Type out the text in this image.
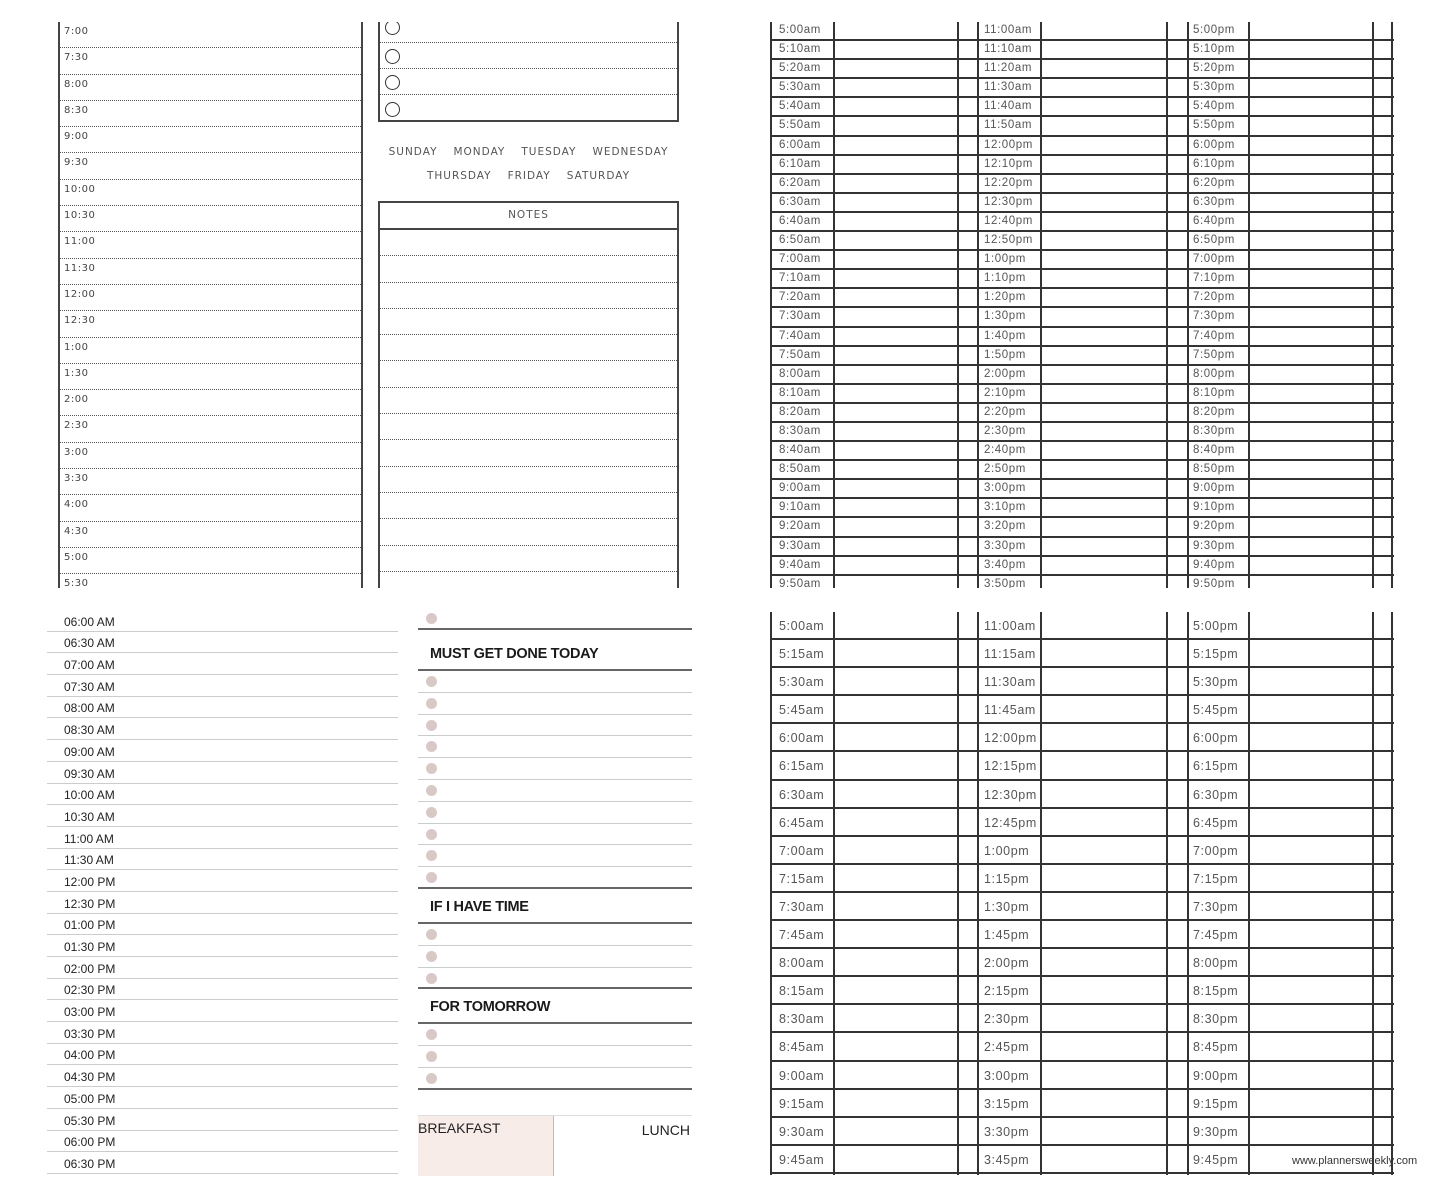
7:00
7:30
8:00
8:30
9:00
9:30
10:00
10:30
11:00
11:30
12:00
12:30
1:00
1:30
2:00
2:30
3:00
3:30
4:00
4:30
5:00
5:30
SUNDAY MONDAY TUESDAY WEDNESDAY
THURSDAY FRIDAY SATURDAY
NOTES
5:00am	11:00am	5:00pm
5:10am	11:10am	5:10pm
5:20am	11:20am	5:20pm
5:30am	11:30am	5:30pm
5:40am	11:40am	5:40pm
5:50am	11:50am	5:50pm
6:00am	12:00pm	6:00pm
6:10am	12:10pm	6:10pm
6:20am	12:20pm	6:20pm
6:30am	12:30pm	6:30pm
6:40am	12:40pm	6:40pm
6:50am	12:50pm	6:50pm
7:00am	1:00pm	7:00pm
7:10am	1:10pm	7:10pm
7:20am	1:20pm	7:20pm
7:30am	1:30pm	7:30pm
7:40am	1:40pm	7:40pm
7:50am	1:50pm	7:50pm
8:00am	2:00pm	8:00pm
8:10am	2:10pm	8:10pm
8:20am	2:20pm	8:20pm
8:30am	2:30pm	8:30pm
8:40am	2:40pm	8:40pm
8:50am	2:50pm	8:50pm
9:00am	3:00pm	9:00pm
9:10am	3:10pm	9:10pm
9:20am	3:20pm	9:20pm
9:30am	3:30pm	9:30pm
9:40am	3:40pm	9:40pm
9:50am	3:50pm	9:50pm
06:00 AM
06:30 AM
07:00 AM
07:30 AM
08:00 AM
08:30 AM
09:00 AM
09:30 AM
10:00 AM
10:30 AM
11:00 AM
11:30 AM
12:00 PM
12:30 PM
01:00 PM
01:30 PM
02:00 PM
02:30 PM
03:00 PM
03:30 PM
04:00 PM
04:30 PM
05:00 PM
05:30 PM
06:00 PM
06:30 PM
MUST GET DONE TODAY
IF I HAVE TIME
FOR TOMORROW
BREAKFAST	LUNCH
5:00am	11:00am	5:00pm
5:15am	11:15am	5:15pm
5:30am	11:30am	5:30pm
5:45am	11:45am	5:45pm
6:00am	12:00pm	6:00pm
6:15am	12:15pm	6:15pm
6:30am	12:30pm	6:30pm
6:45am	12:45pm	6:45pm
7:00am	1:00pm	7:00pm
7:15am	1:15pm	7:15pm
7:30am	1:30pm	7:30pm
7:45am	1:45pm	7:45pm
8:00am	2:00pm	8:00pm
8:15am	2:15pm	8:15pm
8:30am	2:30pm	8:30pm
8:45am	2:45pm	8:45pm
9:00am	3:00pm	9:00pm
9:15am	3:15pm	9:15pm
9:30am	3:30pm	9:30pm
9:45am	3:45pm	9:45pm	www.plannersweekly.com
